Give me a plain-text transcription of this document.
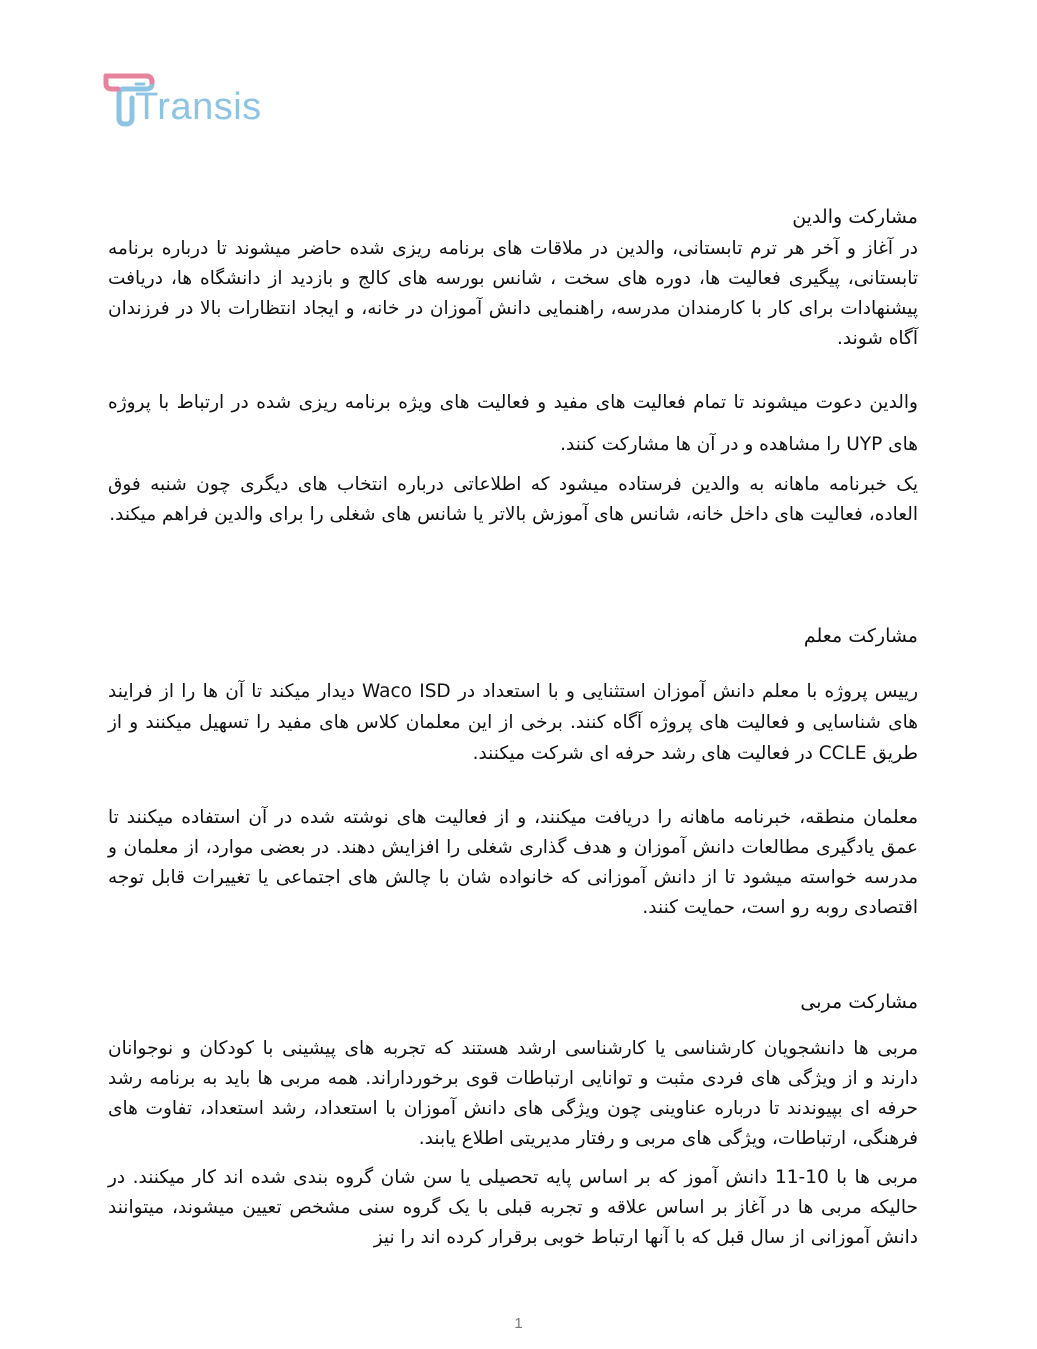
Transis
مشارکت والدین

در آغاز و آخر هر ترم تابستانی، والدین در ملاقات های برنامه ریزی شده حاضر میشوند تا درباره برنامه تابستانی، پیگیری فعالیت ها، دوره های سخت ، شانس بورسه های کالج و بازدید از دانشگاه ها، دریافت پیشنهادات برای کار با کارمندان مدرسه، راهنمایی دانش آموزان در خانه، و ایجاد انتظارات بالا در فرزندان آگاه شوند.

والدین دعوت میشوند تا تمام فعالیت های مفید و فعالیت های ویژه برنامه ریزی شده در ارتباط با پروژه های UYP را مشاهده و در آن ها مشارکت کنند.

یک خبرنامه ماهانه به والدین فرستاده میشود که اطلاعاتی درباره انتخاب های دیگری چون شنبه فوق العاده، فعالیت های داخل خانه، شانس های آموزش بالاتر یا شانس های شغلی را برای والدین فراهم میکند.

مشارکت معلم

رییس پروژه با معلم دانش آموزان استثنایی و با استعداد در Waco ISD دیدار میکند تا آن ها را از فرایند های شناسایی و فعالیت های پروژه آگاه کنند. برخی از این معلمان کلاس های مفید را تسهیل میکنند و از طریق CCLE در فعالیت های رشد حرفه ای شرکت میکنند.

معلمان منطقه، خبرنامه ماهانه را دریافت میکنند، و از فعالیت های نوشته شده در آن استفاده میکنند تا عمق یادگیری مطالعات دانش آموزان و هدف گذاری شغلی را افزایش دهند. در بعضی موارد، از معلمان و مدرسه خواسته میشود تا از دانش آموزانی که خانواده شان با چالش های اجتماعی یا تغییرات قابل توجه اقتصادی روبه رو است، حمایت کنند.

مشارکت مربی

مربی ها دانشجویان کارشناسی یا کارشناسی ارشد هستند که تجربه های پیشینی با کودکان و نوجوانان دارند و از ویژگی های فردی مثبت و توانایی ارتباطات قوی برخورداراند. همه مربی ها باید به برنامه رشد حرفه ای بپیوندند تا درباره عناوینی چون ویژگی های دانش آموزان با استعداد، رشد استعداد، تفاوت های فرهنگی، ارتباطات، ویژگی های مربی و رفتار مدیریتی اطلاع یابند.

مربی ها با 10-11 دانش آموز که بر اساس پایه تحصیلی یا سن شان گروه بندی شده اند کار میکنند. در حالیکه مربی ها در آغاز بر اساس علاقه و تجربه قبلی با یک گروه سنی مشخص تعیین میشوند، میتوانند دانش آموزانی از سال قبل که با آنها ارتباط خوبی برقرار کرده اند را نیز

1
